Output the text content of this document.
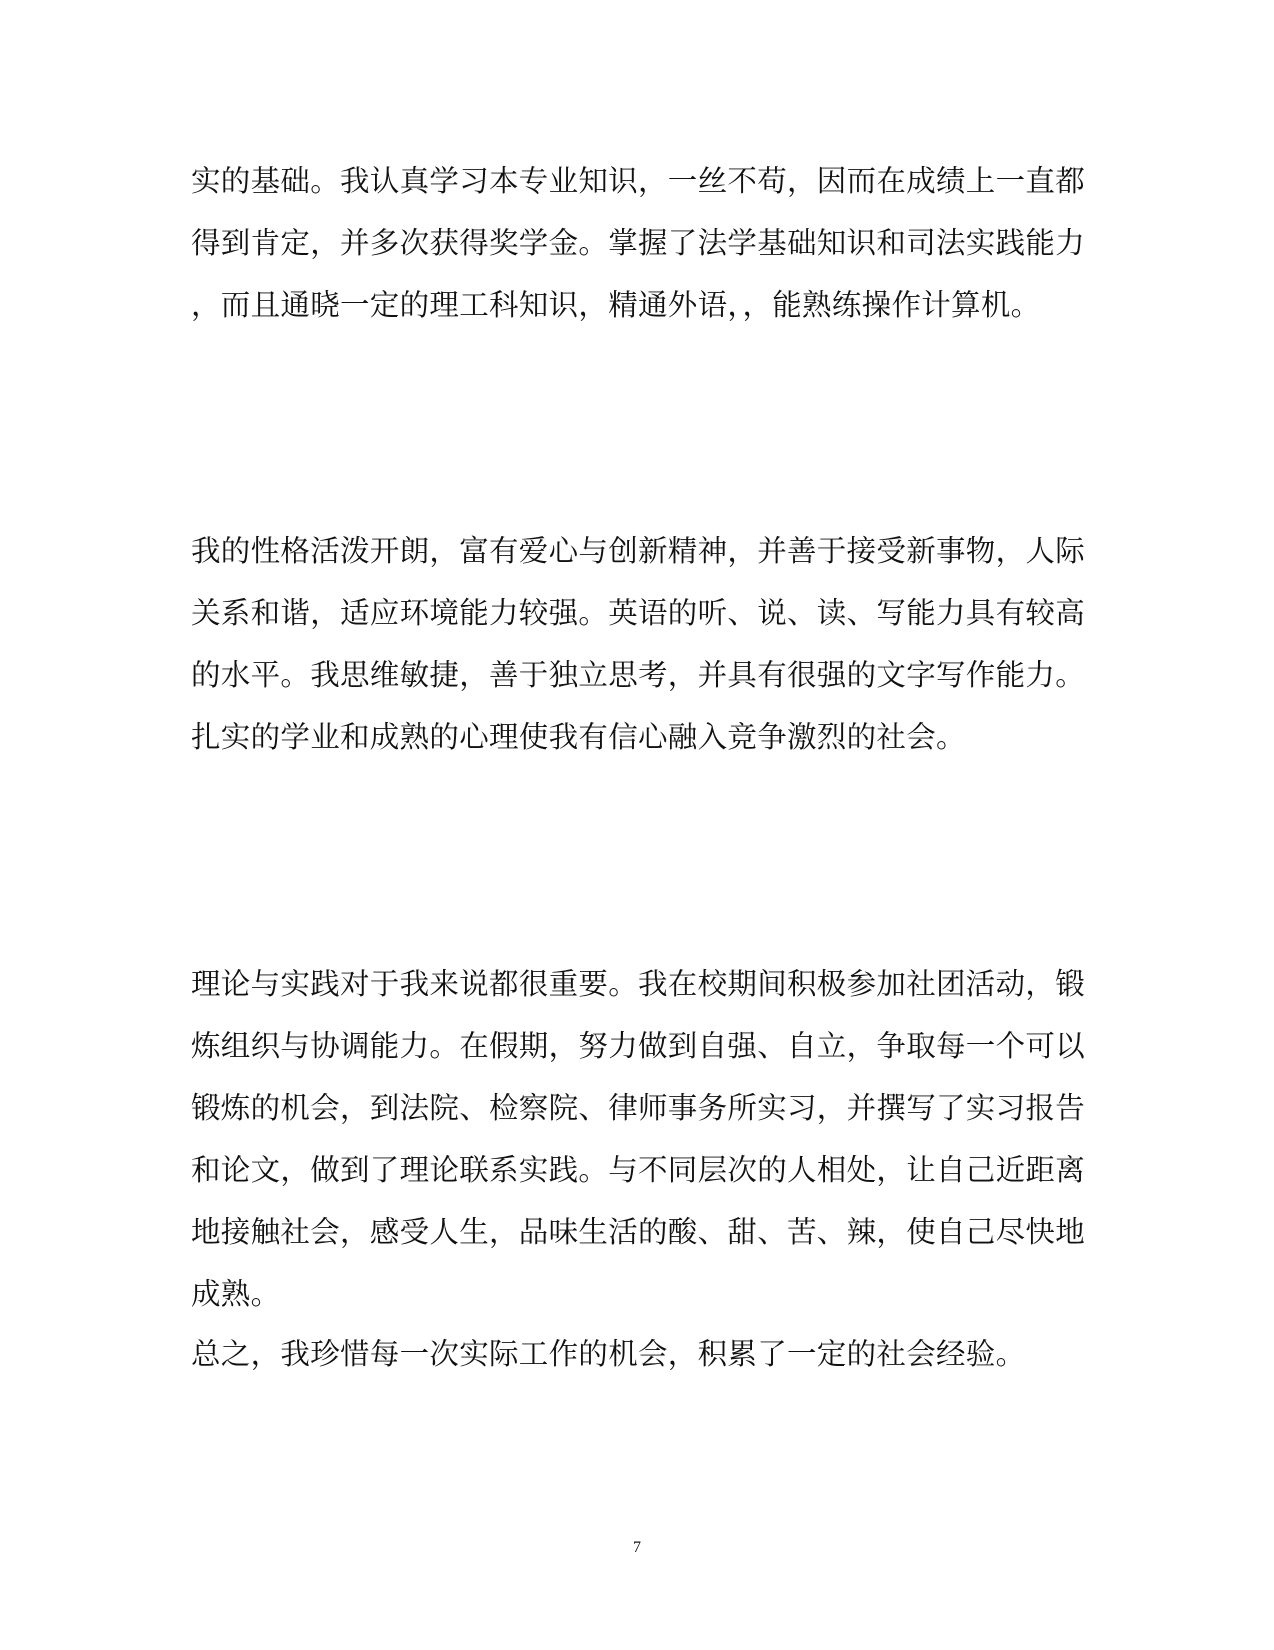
实的基础。我认真学习本专业知识，一丝不苟，因而在成绩上一直都
得到肯定，并多次获得奖学金。掌握了法学基础知识和司法实践能力
，而且通晓一定的理工科知识，精通外语，，能熟练操作计算机。
我的性格活泼开朗，富有爱心与创新精神，并善于接受新事物，人际
关系和谐，适应环境能力较强。英语的听、说、读、写能力具有较高
的水平。我思维敏捷，善于独立思考，并具有很强的文字写作能力。
扎实的学业和成熟的心理使我有信心融入竞争激烈的社会。
理论与实践对于我来说都很重要。我在校期间积极参加社团活动，锻
炼组织与协调能力。在假期，努力做到自强、自立，争取每一个可以
锻炼的机会，到法院、检察院、律师事务所实习，并撰写了实习报告
和论文，做到了理论联系实践。与不同层次的人相处，让自己近距离
地接触社会，感受人生，品味生活的酸、甜、苦、辣，使自己尽快地
成熟。
总之，我珍惜每一次实际工作的机会，积累了一定的社会经验。
7
